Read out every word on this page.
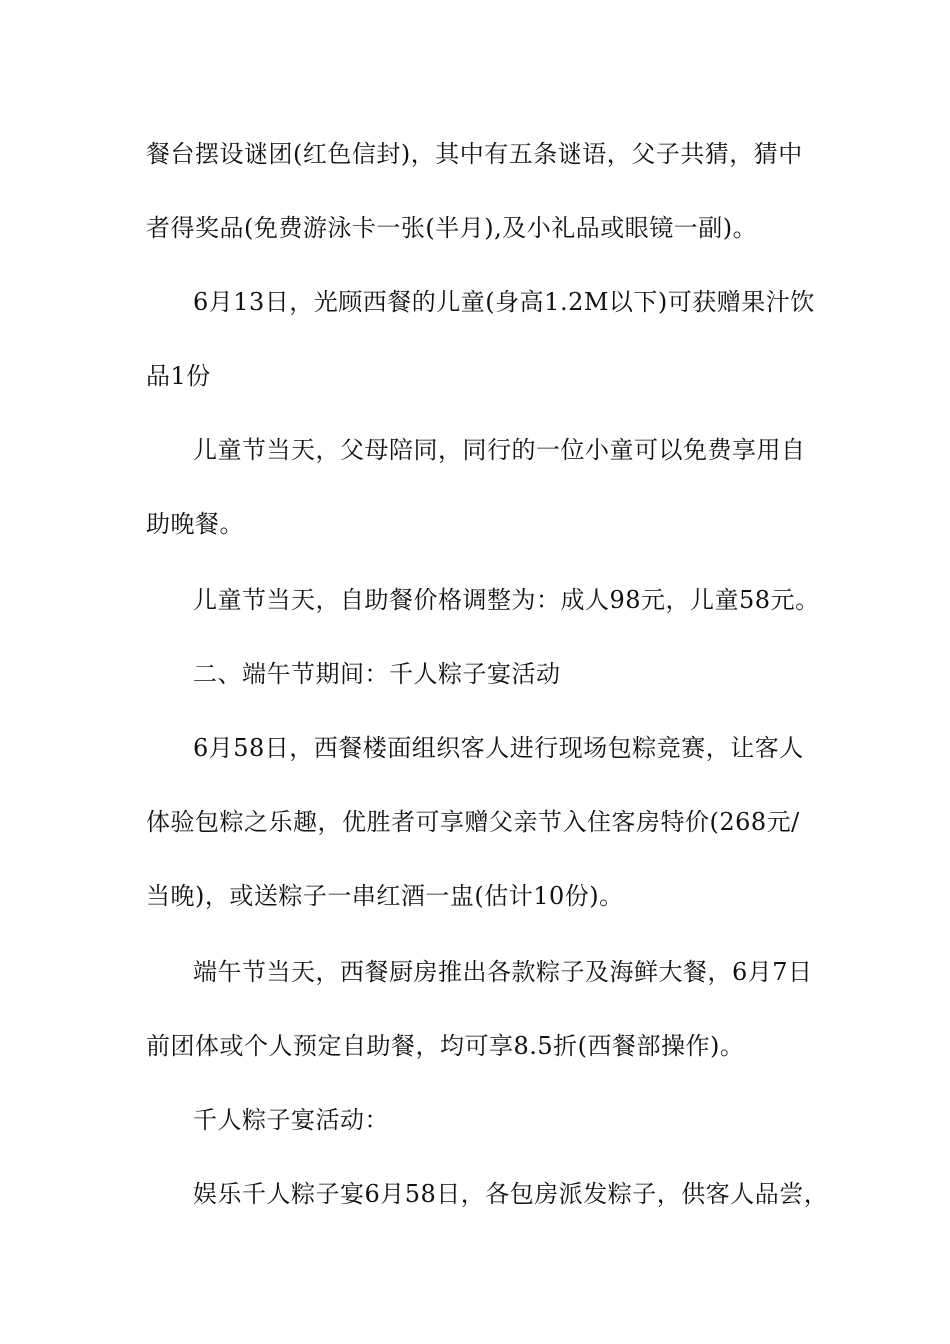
餐台摆设谜团(红色信封)，其中有五条谜语，父子共猜，猜中
者得奖品(免费游泳卡一张(半月),及小礼品或眼镜一副)。
6月13日，光顾西餐的儿童(身高1.2M以下)可获赠果汁饮
品1份
儿童节当天，父母陪同，同行的一位小童可以免费享用自
助晚餐。
儿童节当天，自助餐价格调整为：成人98元，儿童58元。
二、端午节期间：千人粽子宴活动
6月58日，西餐楼面组织客人进行现场包粽竞赛，让客人
体验包粽之乐趣，优胜者可享赠父亲节入住客房特价(268元/
当晚)，或送粽子一串红酒一盅(估计10份)。
端午节当天，西餐厨房推出各款粽子及海鲜大餐，6月7日
前团体或个人预定自助餐，均可享8.5折(西餐部操作)。
千人粽子宴活动：
娱乐千人粽子宴6月58日，各包房派发粽子，供客人品尝，
